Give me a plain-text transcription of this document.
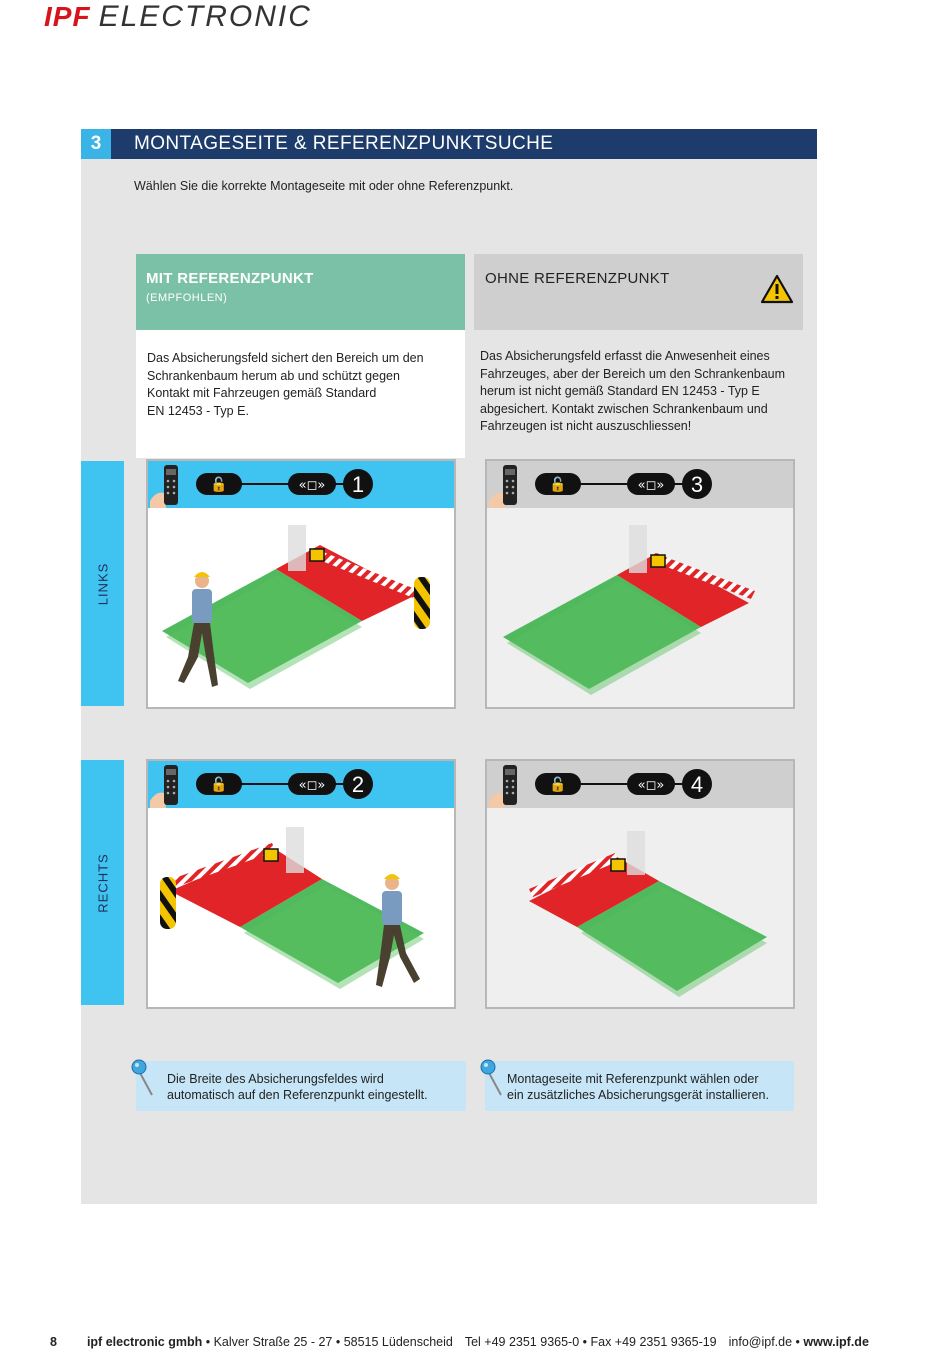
IPF ELECTRONIC
3	MONTAGESEITE & REFERENZPUNKTSUCHE
Wählen Sie die korrekte Montageseite mit oder ohne Referenzpunkt.
MIT REFERENZPUNKT
(EMPFOHLEN)
OHNE REFERENZPUNKT
Das Absicherungsfeld sichert den Bereich um den
Schrankenbaum herum ab und schützt gegen
Kontakt mit Fahrzeugen gemäß Standard
EN 12453 - Typ E.
Das Absicherungsfeld erfasst die Anwesenheit eines
Fahrzeuges, aber der Bereich um den Schrankenbaum
herum ist nicht gemäß Standard EN 12453 - Typ E
abgesichert. Kontakt zwischen Schrankenbaum und
Fahrzeugen ist nicht auszuschliessen!
LINKS
RECHTS
🔓	«◻» 1	🔓	«◻» 3
🔓	«◻» 2	🔓	«◻» 4
Die Breite des Absicherungsfeldes wird
automatisch auf den Referenzpunkt eingestellt.
Montageseite mit Referenzpunkt wählen oder
ein zusätzliches Absicherungsgerät installieren.
8 ipf electronic gmbh • Kalver Straße 25 - 27 • 58515 Lüdenscheid Tel +49 2351 9365-0 • Fax +49 2351 9365-19 info@ipf.de • www.ipf.de
